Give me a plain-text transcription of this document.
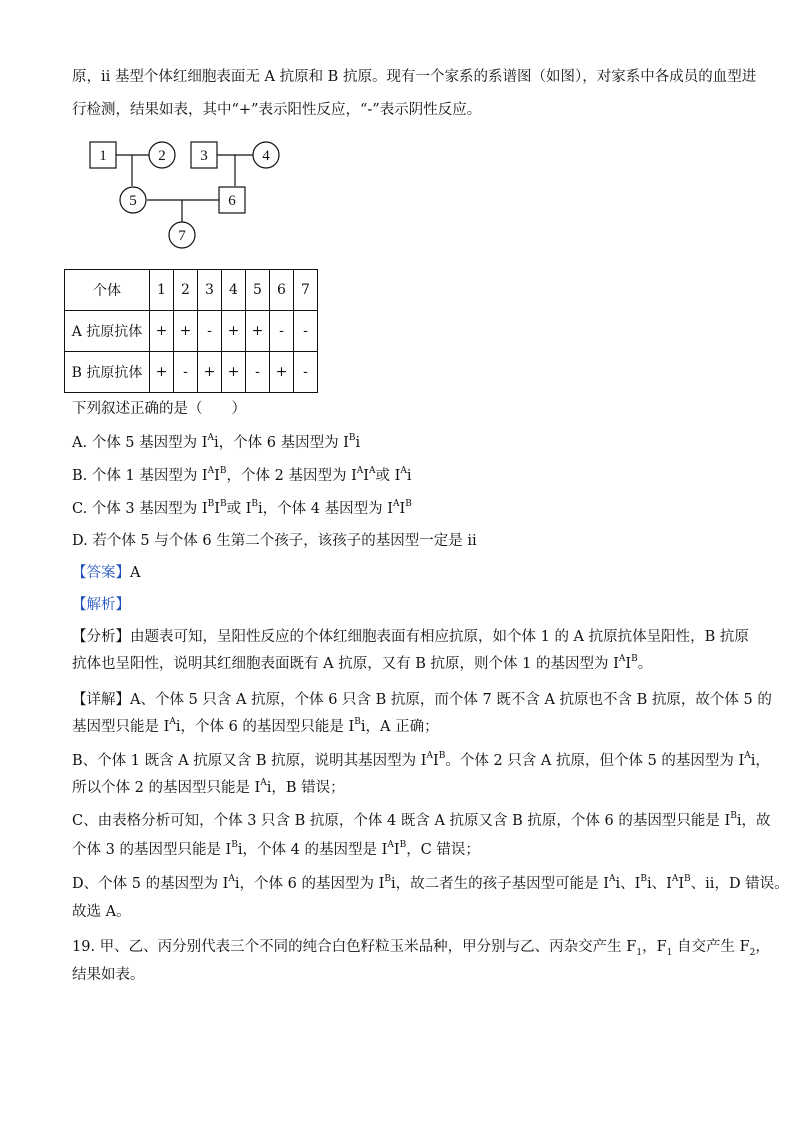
原，ii 基型个体红细胞表面无 A 抗原和 B 抗原。现有一个家系的系谱图（如图），对家系中各成员的血型进
行检测，结果如表，其中“+”表示阳性反应，“-”表示阴性反应。
1	2 3	4
5	6
7
个体	1	2	3	4	5	6	7
A 抗原抗体	+	+	-	+	+	-	-
B 抗原抗体	+	-	+	+	-	+	-
下列叙述正确的是（　　）
A. 个体 5 基因型为 $I^Ai$，个体 6 基因型为 $I^Bi$
B. 个体 1 基因型为 $I^AI^B$，个体 2 基因型为 $I^AI^A$或 $I^Ai$
C. 个体 3 基因型为 $I^BI^B$或 $I^Bi$，个体 4 基因型为 $I^AI^B$
D. 若个体 5 与个体 6 生第二个孩子，该孩子的基因型一定是 ii
【答案】A
【解析】
【分析】由题表可知，呈阳性反应的个体红细胞表面有相应抗原，如个体 1 的 A 抗原抗体呈阳性，B 抗原
抗体也呈阳性，说明其红细胞表面既有 A 抗原，又有 B 抗原，则个体 1 的基因型为 $I^AI^B$。
【详解】A、个体 5 只含 A 抗原，个体 6 只含 B 抗原，而个体 7 既不含 A 抗原也不含 B 抗原，故个体 5 的
基因型只能是 $I^Ai$，个体 6 的基因型只能是 $I^Bi$，A 正确；
B、个体 1 既含 A 抗原又含 B 抗原，说明其基因型为 $I^AI^B$。个体 2 只含 A 抗原，但个体 5 的基因型为 $I^Ai$，
所以个体 2 的基因型只能是 $I^Ai$，B 错误；
C、由表格分析可知，个体 3 只含 B 抗原，个体 4 既含 A 抗原又含 B 抗原，个体 6 的基因型只能是 $I^Bi$，故
个体 3 的基因型只能是 $I^Bi$，个体 4 的基因型是 $I^AI^B$，C 错误；
D、个体 5 的基因型为 $I^Ai$，个体 6 的基因型为 $I^Bi$，故二者生的孩子基因型可能是 $I^Ai$、$I^Bi$、$I^AI^B$、ii，D 错误。
故选 A。
19. 甲、乙、丙分别代表三个不同的纯合白色籽粒玉米品种，甲分别与乙、丙杂交产生 $F_1$，$F_1$ 自交产生 $F_2$，
结果如表。
